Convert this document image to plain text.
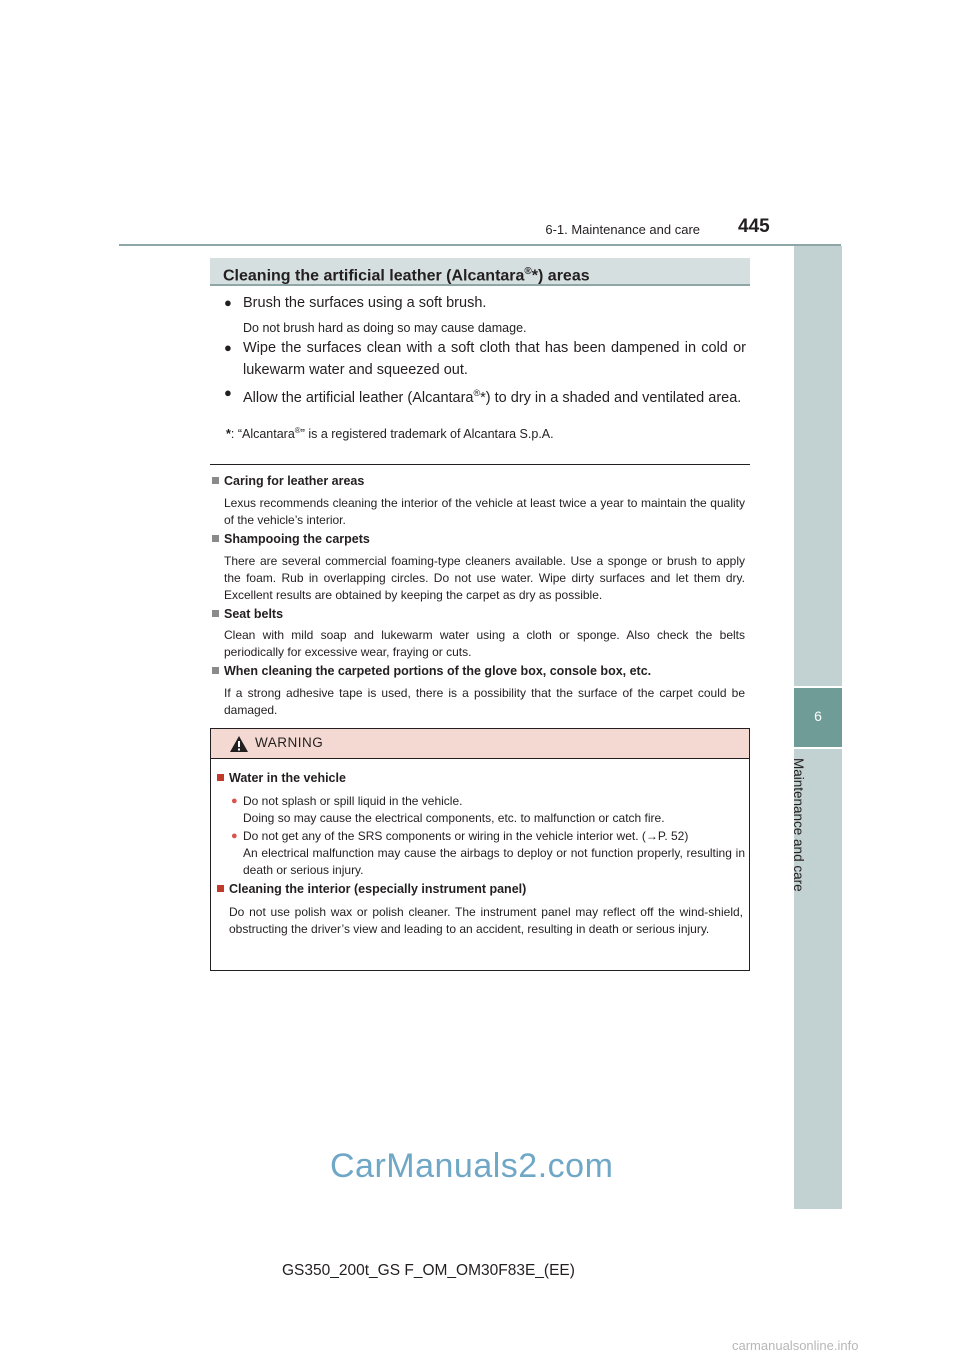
6-1. Maintenance and care 445
6
Maintenance and care
Cleaning the artificial leather (Alcantara®*) areas
● Brush the surfaces using a soft brush.
Do not brush hard as doing so may cause damage.
● Wipe the surfaces clean with a soft cloth that has been dampened in cold or lukewarm water and squeezed out.
● Allow the artificial leather (Alcantara®*) to dry in a shaded and ventilated area.
*: “Alcantara®” is a registered trademark of Alcantara S.p.A.
Caring for leather areas
Lexus recommends cleaning the interior of the vehicle at least twice a year to maintain the quality of the vehicle’s interior.
Shampooing the carpets
There are several commercial foaming-type cleaners available. Use a sponge or brush to apply the foam. Rub in overlapping circles. Do not use water. Wipe dirty surfaces and let them dry. Excellent results are obtained by keeping the carpet as dry as possible.
Seat belts
Clean with mild soap and lukewarm water using a cloth or sponge. Also check the belts periodically for excessive wear, fraying or cuts.
When cleaning the carpeted portions of the glove box, console box, etc.
If a strong adhesive tape is used, there is a possibility that the surface of the carpet could be damaged.
WARNING
Water in the vehicle
● Do not splash or spill liquid in the vehicle.
Doing so may cause the electrical components, etc. to malfunction or catch fire.
● Do not get any of the SRS components or wiring in the vehicle interior wet. (→P. 52)
An electrical malfunction may cause the airbags to deploy or not function properly, resulting in death or serious injury.
Cleaning the interior (especially instrument panel)
Do not use polish wax or polish cleaner. The instrument panel may reflect off the wind-shield, obstructing the driver’s view and leading to an accident, resulting in death or serious injury.
CarManuals2.com
GS350_200t_GS F_OM_OM30F83E_(EE)
carmanualsonline.info
